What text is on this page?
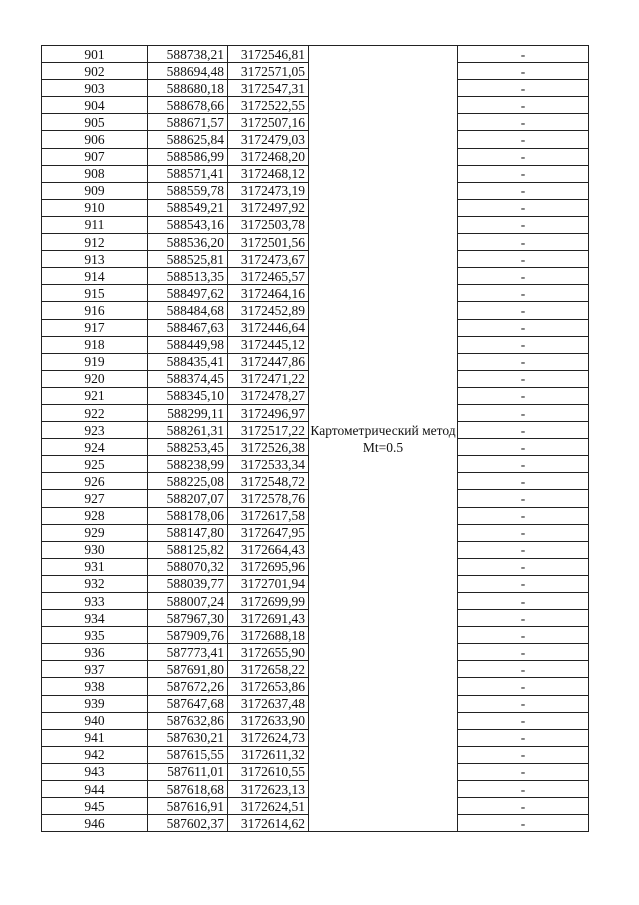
901	588738,21	3172546,81	Картометрический метод Mt=0.5	-
902	588694,48	3172571,05		-
903	588680,18	3172547,31		-
904	588678,66	3172522,55		-
905	588671,57	3172507,16		-
906	588625,84	3172479,03		-
907	588586,99	3172468,20		-
908	588571,41	3172468,12		-
909	588559,78	3172473,19		-
910	588549,21	3172497,92		-
911	588543,16	3172503,78		-
912	588536,20	3172501,56		-
913	588525,81	3172473,67		-
914	588513,35	3172465,57		-
915	588497,62	3172464,16		-
916	588484,68	3172452,89		-
917	588467,63	3172446,64		-
918	588449,98	3172445,12		-
919	588435,41	3172447,86		-
920	588374,45	3172471,22		-
921	588345,10	3172478,27		-
922	588299,11	3172496,97		-
923	588261,31	3172517,22		-
924	588253,45	3172526,38		-
925	588238,99	3172533,34		-
926	588225,08	3172548,72		-
927	588207,07	3172578,76		-
928	588178,06	3172617,58		-
929	588147,80	3172647,95		-
930	588125,82	3172664,43		-
931	588070,32	3172695,96		-
932	588039,77	3172701,94		-
933	588007,24	3172699,99		-
934	587967,30	3172691,43		-
935	587909,76	3172688,18		-
936	587773,41	3172655,90		-
937	587691,80	3172658,22		-
938	587672,26	3172653,86		-
939	587647,68	3172637,48		-
940	587632,86	3172633,90		-
941	587630,21	3172624,73		-
942	587615,55	3172611,32		-
943	587611,01	3172610,55		-
944	587618,68	3172623,13		-
945	587616,91	3172624,51		-
946	587602,37	3172614,62		-
